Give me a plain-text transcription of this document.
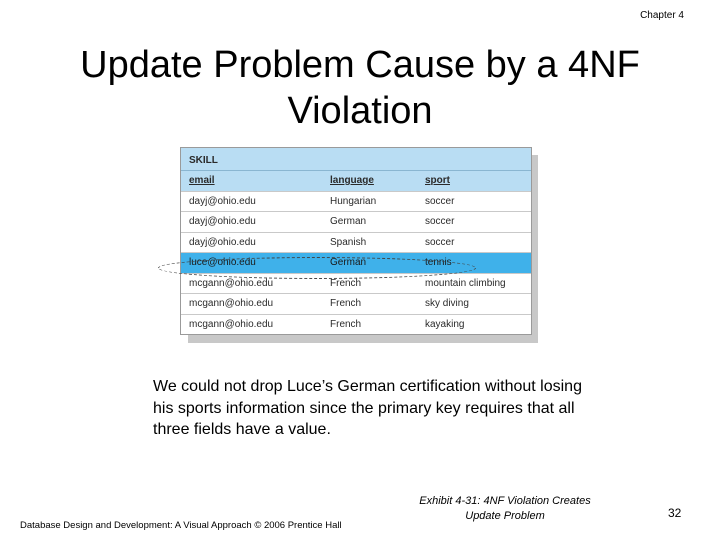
Chapter 4
Update Problem Cause by a 4NF
Violation
SKILL
email	language	sport
dayj@ohio.edu	Hungarian	soccer
dayj@ohio.edu	German	soccer
dayj@ohio.edu	Spanish	soccer
luce@ohio.edu	German	tennis
mcgann@ohio.edu	French	mountain climbing
mcgann@ohio.edu	French	sky diving
mcgann@ohio.edu	French	kayaking
We could not drop Luce’s German certification without losing his sports information since the primary key requires that all three fields have a value.
Database Design and Development: A Visual Approach © 2006 Prentice Hall
Exhibit 4-31: 4NF Violation Creates
Update Problem	32
